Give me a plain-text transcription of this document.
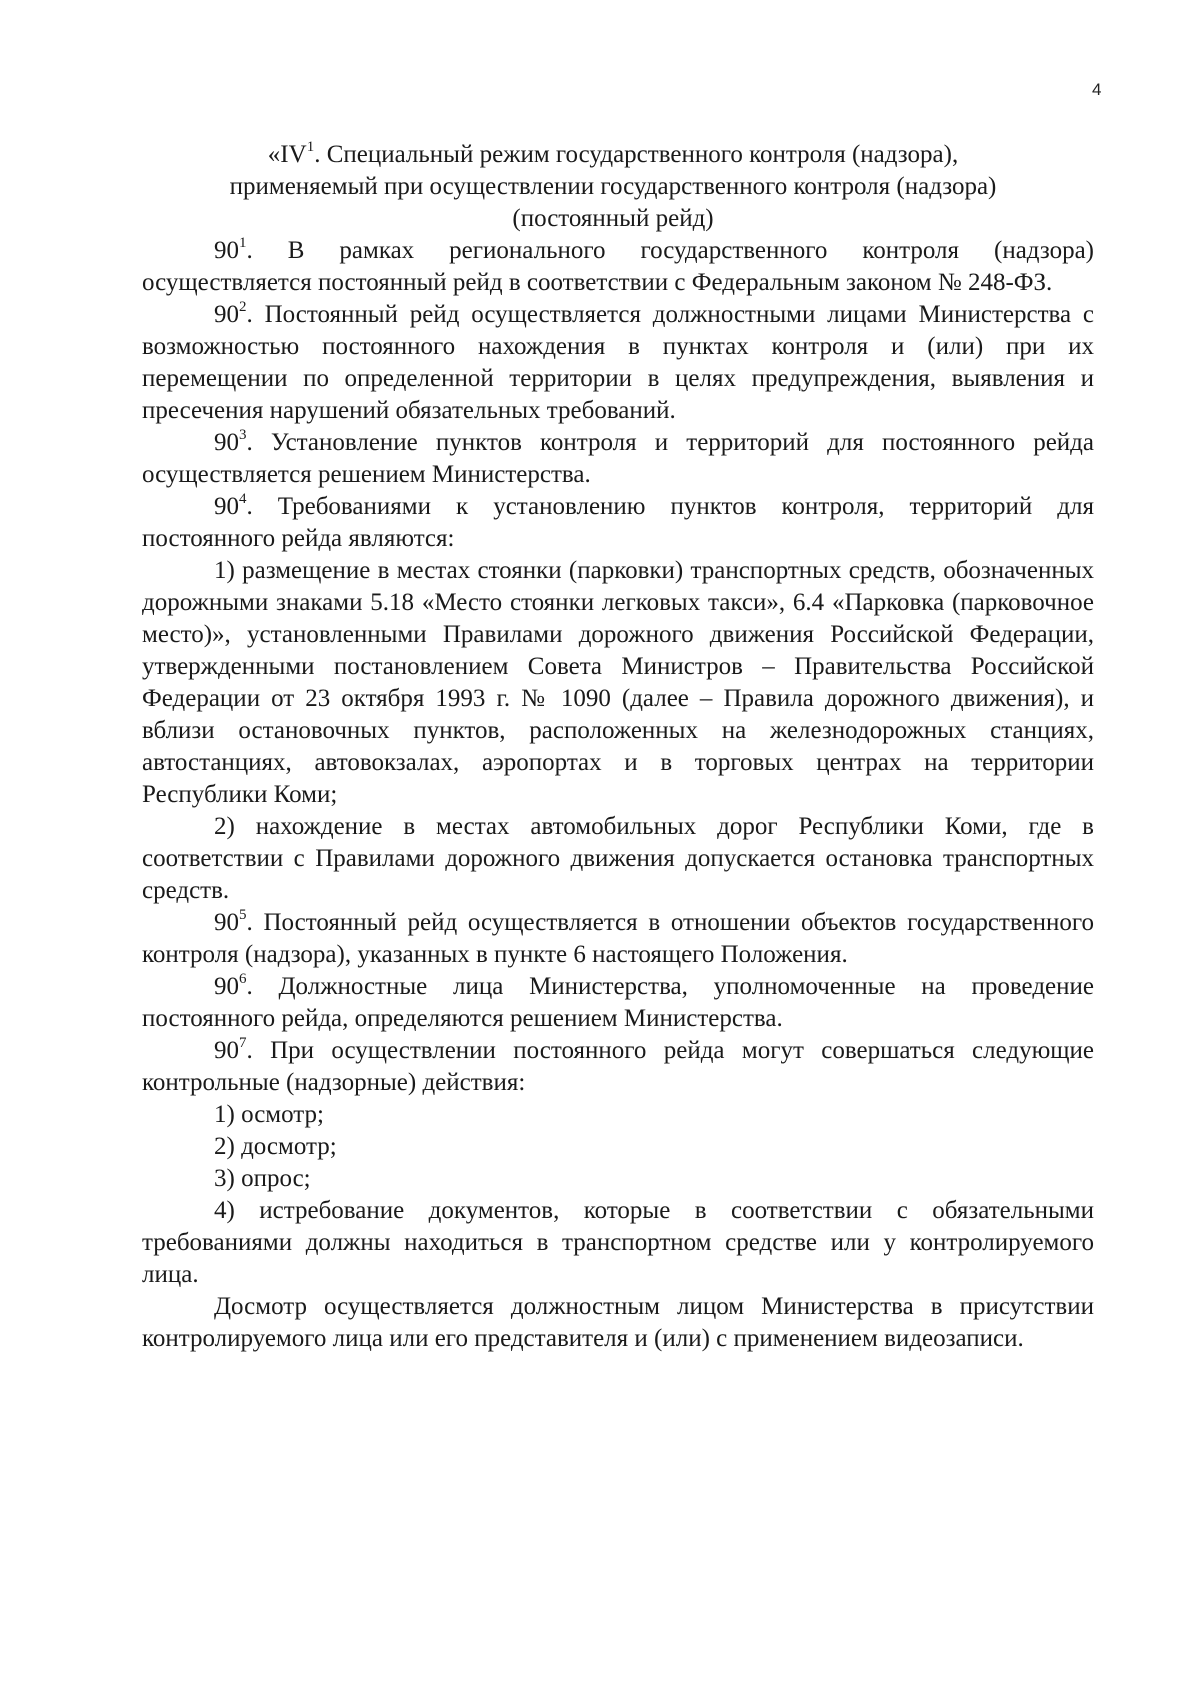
4
«$IV^1$. Специальный режим государственного контроля (надзора),
применяемый при осуществлении государственного контроля (надзора)
(постоянный рейд)

$90^1$. В рамках регионального государственного контроля (надзора) осуществляется постоянный рейд в соответствии с Федеральным законом № 248-ФЗ.

$90^2$. Постоянный рейд осуществляется должностными лицами Министерства с возможностью постоянного нахождения в пунктах контроля и (или) при их перемещении по определенной территории в целях предупреждения, выявления и пресечения нарушений обязательных требований.

$90^3$. Установление пунктов контроля и территорий для постоянного рейда осуществляется решением Министерства.

$90^4$. Требованиями к установлению пунктов контроля, территорий для постоянного рейда являются:

1) размещение в местах стоянки (парковки) транспортных средств, обозначенных дорожными знаками 5.18 «Место стоянки легковых такси», 6.4 «Парковка (парковочное место)», установленными Правилами дорожного движения Российской Федерации, утвержденными постановлением Совета Министров – Правительства Российской Федерации от 23 октября 1993 г. № 1090 (далее – Правила дорожного движения), и вблизи остановочных пунктов, расположенных на железнодорожных станциях, автостанциях, автовокзалах, аэропортах и в торговых центрах на территории Республики Коми;

2) нахождение в местах автомобильных дорог Республики Коми, где в соответствии с Правилами дорожного движения допускается остановка транспортных средств.

$90^5$. Постоянный рейд осуществляется в отношении объектов государственного контроля (надзора), указанных в пункте 6 настоящего Положения.

$90^6$. Должностные лица Министерства, уполномоченные на проведение постоянного рейда, определяются решением Министерства.

$90^7$. При осуществлении постоянного рейда могут совершаться следующие контрольные (надзорные) действия:

1) осмотр;

2) досмотр;

3) опрос;

4) истребование документов, которые в соответствии с обязательными требованиями должны находиться в транспортном средстве или у контролируемого лица.

Досмотр осуществляется должностным лицом Министерства в присутствии контролируемого лица или его представителя и (или) с применением видеозаписи.
